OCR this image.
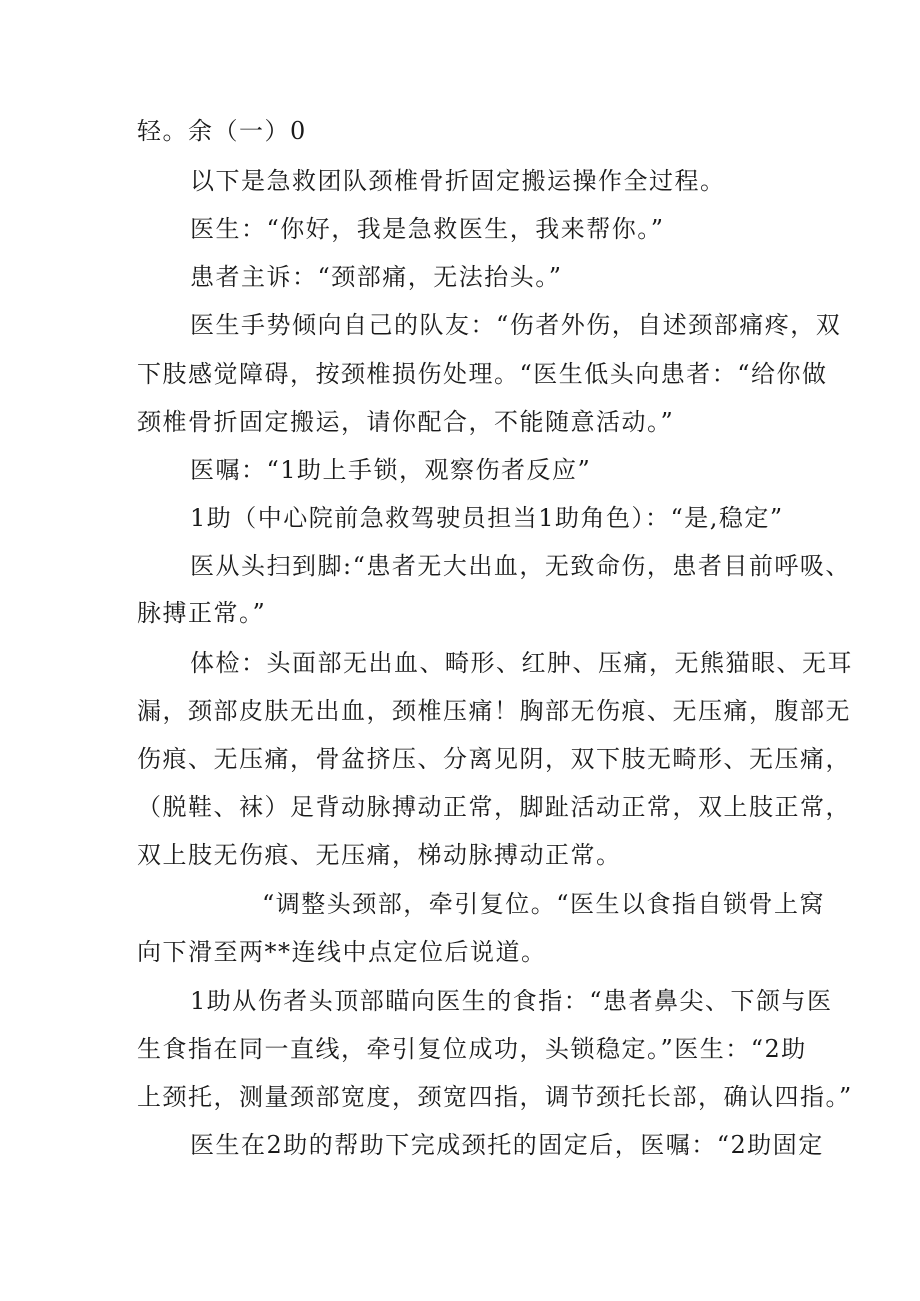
轻。余（一）0
以下是急救团队颈椎骨折固定搬运操作全过程。
医生：“你好，我是急救医生，我来帮你。”
患者主诉：“颈部痛，无法抬头。”
医生手势倾向自己的队友：“伤者外伤，自述颈部痛疼，双
下肢感觉障碍，按颈椎损伤处理。“医生低头向患者：“给你做
颈椎骨折固定搬运，请你配合，不能随意活动。”
医嘱：“1助上手锁，观察伤者反应”
1助（中心院前急救驾驶员担当1助角色）：“是,稳定”
医从头扫到脚:“患者无大出血，无致命伤，患者目前呼吸、
脉搏正常。”
体检：头面部无出血、畸形、红肿、压痛，无熊猫眼、无耳
漏，颈部皮肤无出血，颈椎压痛！胸部无伤痕、无压痛，腹部无
伤痕、无压痛，骨盆挤压、分离见阴，双下肢无畸形、无压痛，
（脱鞋、袜）足背动脉搏动正常，脚趾活动正常，双上肢正常，
双上肢无伤痕、无压痛，梯动脉搏动正常。
“调整头颈部，牵引复位。“医生以食指自锁骨上窝
向下滑至两**连线中点定位后说道。
1助从伤者头顶部瞄向医生的食指：“患者鼻尖、下颌与医
生食指在同一直线，牵引复位成功，头锁稳定。”医生：“2助
上颈托，测量颈部宽度，颈宽四指，调节颈托长部，确认四指。”
医生在2助的帮助下完成颈托的固定后，医嘱：“2助固定
